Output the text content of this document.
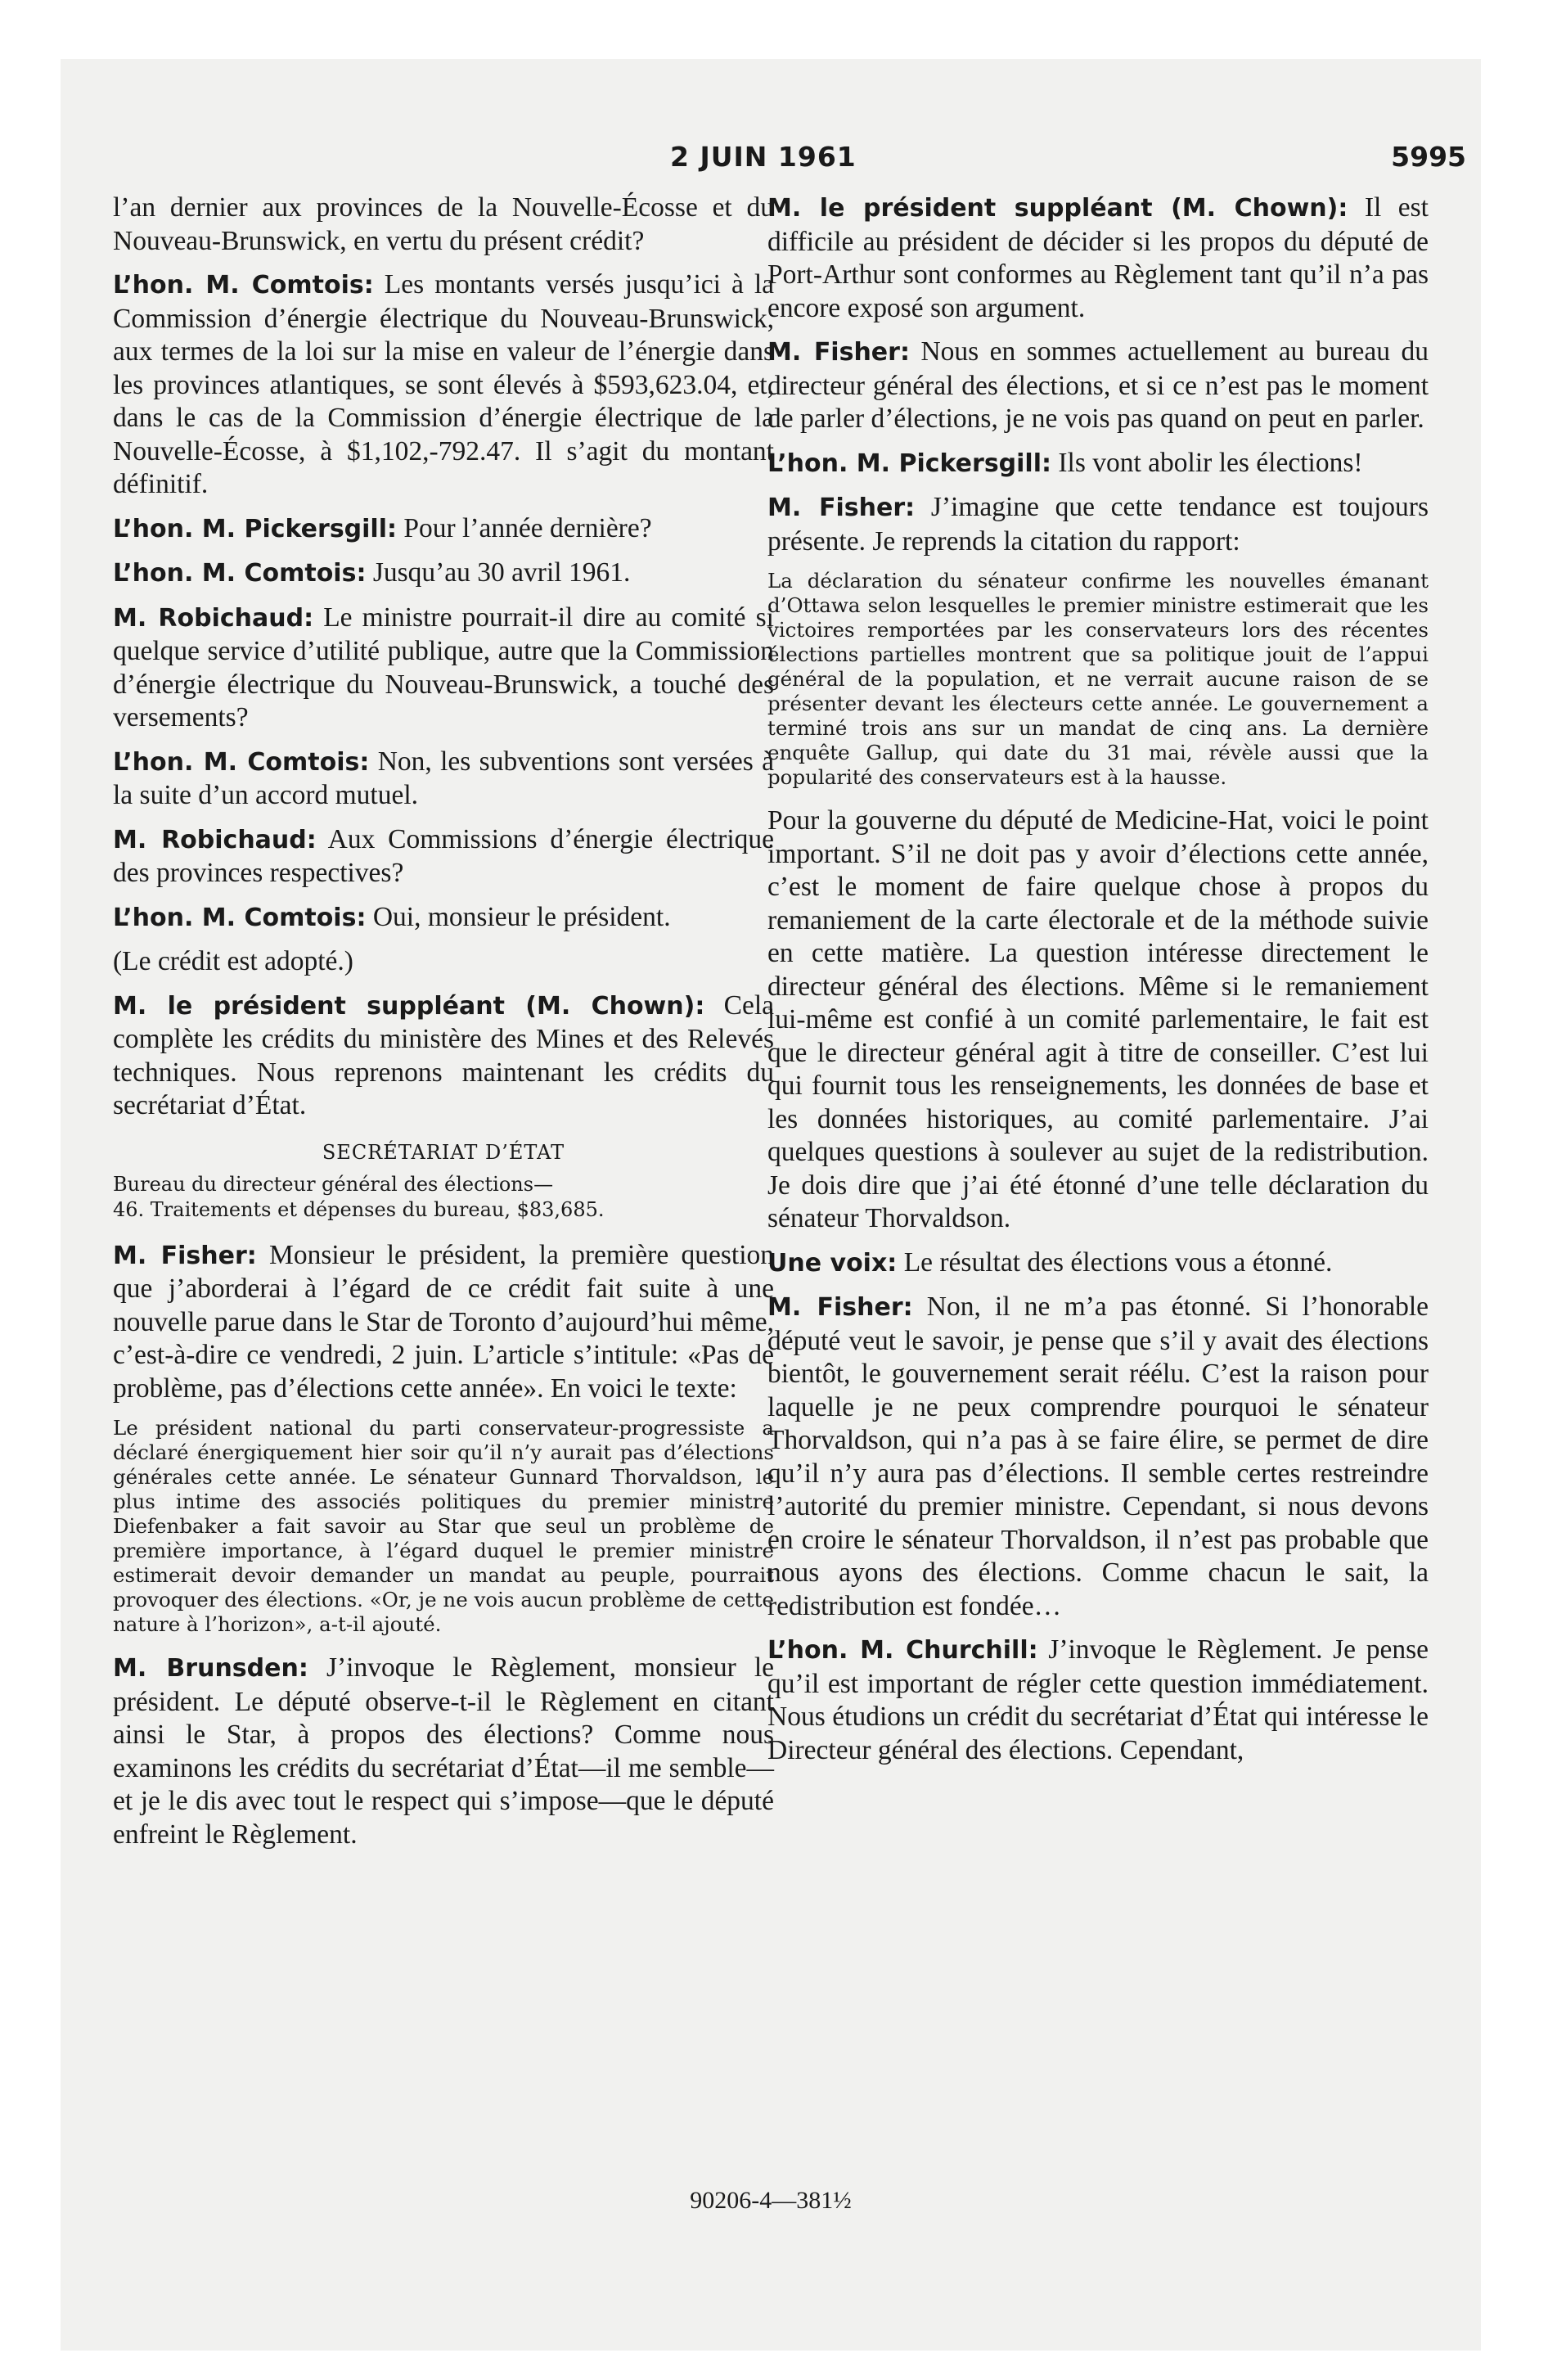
2 JUIN 1961	5995

l’an dernier aux provinces de la Nouvelle-Écosse et du Nouveau-Brunswick, en vertu du présent crédit?

L’hon. M. Comtois: Les montants versés jusqu’ici à la Commission d’énergie électrique du Nouveau-Brunswick, aux termes de la loi sur la mise en valeur de l’énergie dans les provinces atlantiques, se sont élevés à $593,623.04, et, dans le cas de la Commission d’énergie électrique de la Nouvelle-Écosse, à $1,102,-792.47. Il s’agit du montant définitif.

L’hon. M. Pickersgill: Pour l’année dernière?

L’hon. M. Comtois: Jusqu’au 30 avril 1961.

M. Robichaud: Le ministre pourrait-il dire au comité si quelque service d’utilité publique, autre que la Commission d’énergie électrique du Nouveau-Brunswick, a touché des versements?

L’hon. M. Comtois: Non, les subventions sont versées à la suite d’un accord mutuel.

M. Robichaud: Aux Commissions d’énergie électrique des provinces respectives?

L’hon. M. Comtois: Oui, monsieur le président.

(Le crédit est adopté.)

M. le président suppléant (M. Chown): Cela complète les crédits du ministère des Mines et des Relevés techniques. Nous reprenons maintenant les crédits du secrétariat d’État.

SECRÉTARIAT D’ÉTAT
Bureau du directeur général des élections—
46. Traitements et dépenses du bureau, $83,685.

M. Fisher: Monsieur le président, la première question que j’aborderai à l’égard de ce crédit fait suite à une nouvelle parue dans le Star de Toronto d’aujourd’hui même, c’est-à-dire ce vendredi, 2 juin. L’article s’intitule: «Pas de problème, pas d’élections cette année». En voici le texte:

Le président national du parti conservateur-progressiste a déclaré énergiquement hier soir qu’il n’y aurait pas d’élections générales cette année. Le sénateur Gunnard Thorvaldson, le plus intime des associés politiques du premier ministre Diefenbaker a fait savoir au Star que seul un problème de première importance, à l’égard duquel le premier ministre estimerait devoir demander un mandat au peuple, pourrait provoquer des élections. «Or, je ne vois aucun problème de cette nature à l’horizon», a-t-il ajouté.

M. Brunsden: J’invoque le Règlement, monsieur le président. Le député observe-t-il le Règlement en citant ainsi le Star, à propos des élections? Comme nous examinons les crédits du secrétariat d’État—il me semble—et je le dis avec tout le respect qui s’impose—que le député enfreint le Règlement.

M. le président suppléant (M. Chown): Il est difficile au président de décider si les propos du député de Port-Arthur sont conformes au Règlement tant qu’il n’a pas encore exposé son argument.

M. Fisher: Nous en sommes actuellement au bureau du directeur général des élections, et si ce n’est pas le moment de parler d’élections, je ne vois pas quand on peut en parler.

L’hon. M. Pickersgill: Ils vont abolir les élections!

M. Fisher: J’imagine que cette tendance est toujours présente. Je reprends la citation du rapport:

La déclaration du sénateur confirme les nouvelles émanant d’Ottawa selon lesquelles le premier ministre estimerait que les victoires remportées par les conservateurs lors des récentes élections partielles montrent que sa politique jouit de l’appui général de la population, et ne verrait aucune raison de se présenter devant les électeurs cette année. Le gouvernement a terminé trois ans sur un mandat de cinq ans. La dernière enquête Gallup, qui date du 31 mai, révèle aussi que la popularité des conservateurs est à la hausse.

Pour la gouverne du député de Medicine-Hat, voici le point important. S’il ne doit pas y avoir d’élections cette année, c’est le moment de faire quelque chose à propos du remaniement de la carte électorale et de la méthode suivie en cette matière. La question intéresse directement le directeur général des élections. Même si le remaniement lui-même est confié à un comité parlementaire, le fait est que le directeur général agit à titre de conseiller. C’est lui qui fournit tous les renseignements, les données de base et les données historiques, au comité parlementaire. J’ai quelques questions à soulever au sujet de la redistribution. Je dois dire que j’ai été étonné d’une telle déclaration du sénateur Thorvaldson.

Une voix: Le résultat des élections vous a étonné.

M. Fisher: Non, il ne m’a pas étonné. Si l’honorable député veut le savoir, je pense que s’il y avait des élections bientôt, le gouvernement serait réélu. C’est la raison pour laquelle je ne peux comprendre pourquoi le sénateur Thorvaldson, qui n’a pas à se faire élire, se permet de dire qu’il n’y aura pas d’élections. Il semble certes restreindre l’autorité du premier ministre. Cependant, si nous devons en croire le sénateur Thorvaldson, il n’est pas probable que nous ayons des élections. Comme chacun le sait, la redistribution est fondée…

L’hon. M. Churchill: J’invoque le Règlement. Je pense qu’il est important de régler cette question immédiatement. Nous étudions un crédit du secrétariat d’État qui intéresse le Directeur général des élections. Cependant,

90206-4—381½
